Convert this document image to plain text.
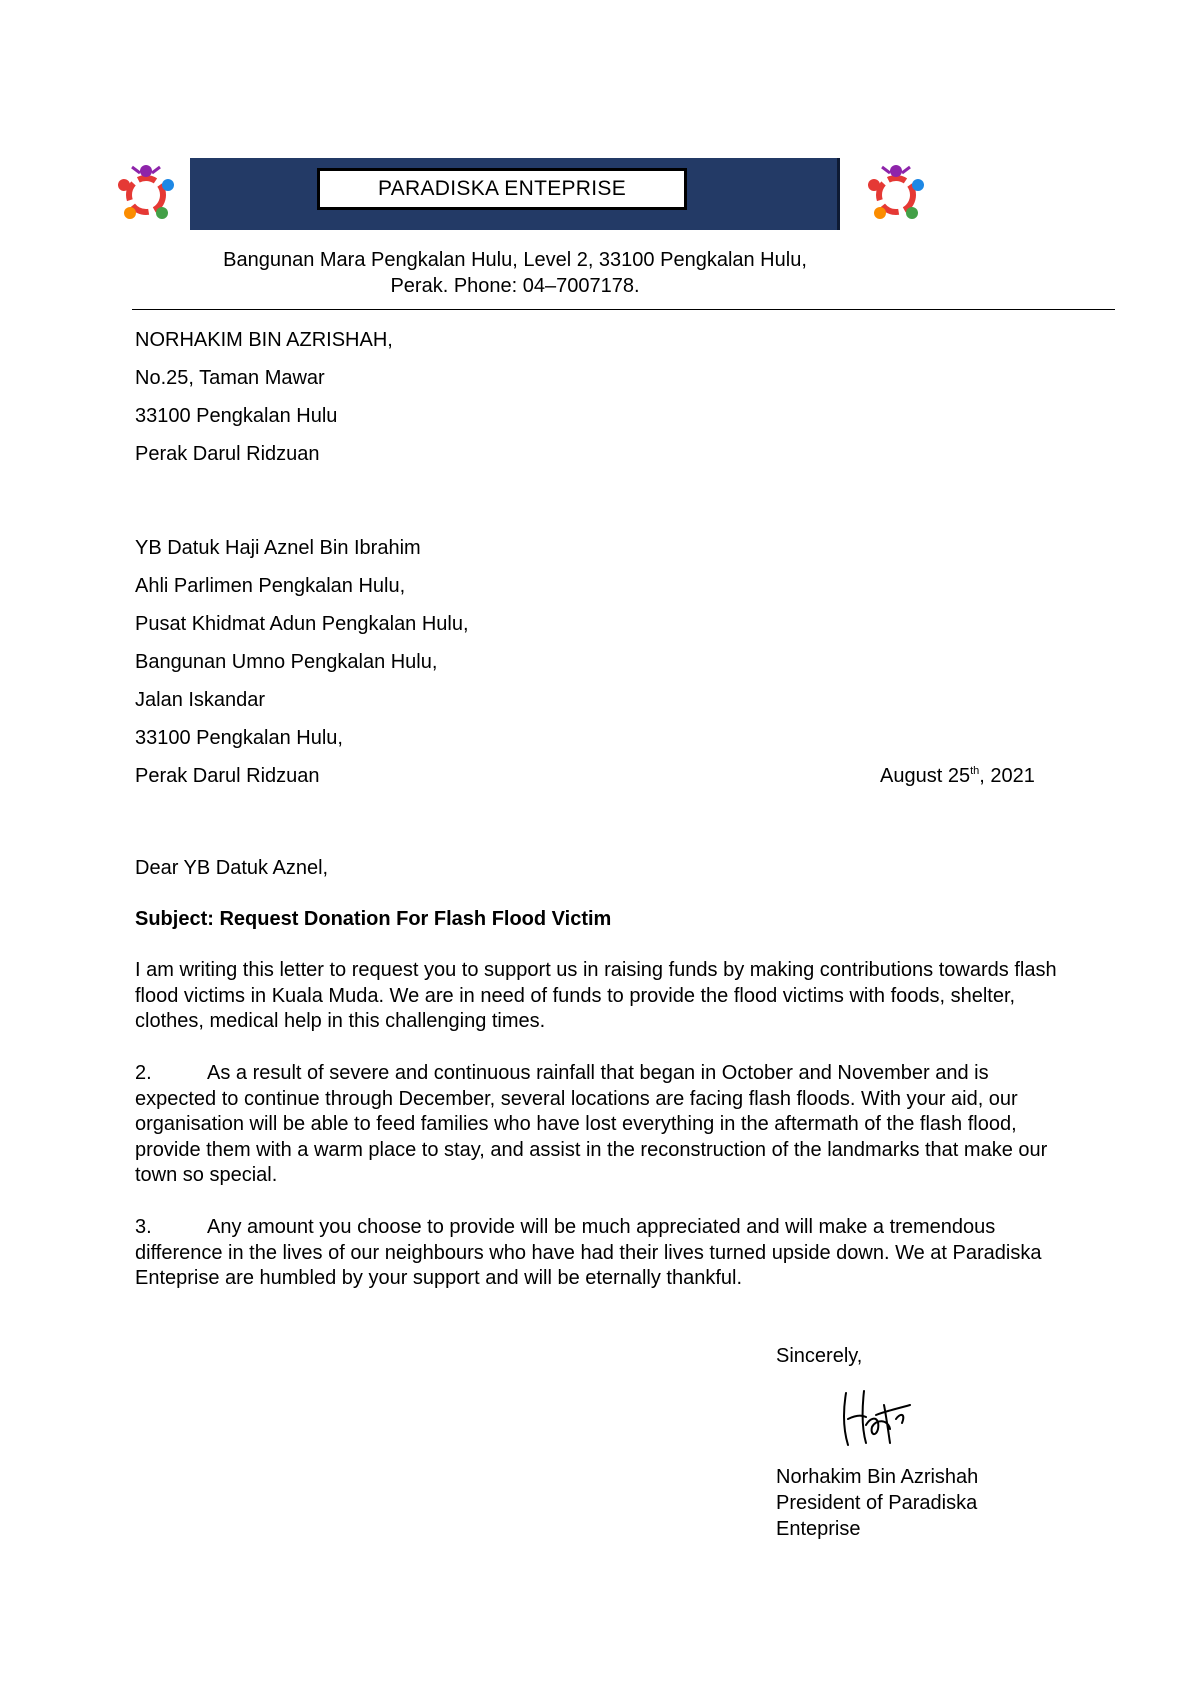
PARADISKA ENTEPRISE
Bangunan Mara Pengkalan Hulu, Level 2, 33100 Pengkalan Hulu,
Perak. Phone: 04–7007178.
NORHAKIM BIN AZRISHAH,
No.25, Taman Mawar
33100 Pengkalan Hulu
Perak Darul Ridzuan
YB Datuk Haji Aznel Bin Ibrahim
Ahli Parlimen Pengkalan Hulu,
Pusat Khidmat Adun Pengkalan Hulu,
Bangunan Umno Pengkalan Hulu,
Jalan Iskandar
33100 Pengkalan Hulu,
Perak Darul Ridzuan	August 25th, 2021
Dear YB Datuk Aznel,
Subject: Request Donation For Flash Flood Victim
I am writing this letter to request you to support us in raising funds by making contributions towards flash flood victims in Kuala Muda. We are in need of funds to provide the flood victims with foods, shelter, clothes, medical help in this challenging times.
2.	As a result of severe and continuous rainfall that began in October and November and is expected to continue through December, several locations are facing flash floods. With your aid, our organisation will be able to feed families who have lost everything in the aftermath of the flash flood, provide them with a warm place to stay, and assist in the reconstruction of the landmarks that make our town so special.
3.	Any amount you choose to provide will be much appreciated and will make a tremendous difference in the lives of our neighbours who have had their lives turned upside down. We at Paradiska Enteprise are humbled by your support and will be eternally thankful.
Sincerely,
Norhakim Bin Azrishah
President of Paradiska
Enteprise
